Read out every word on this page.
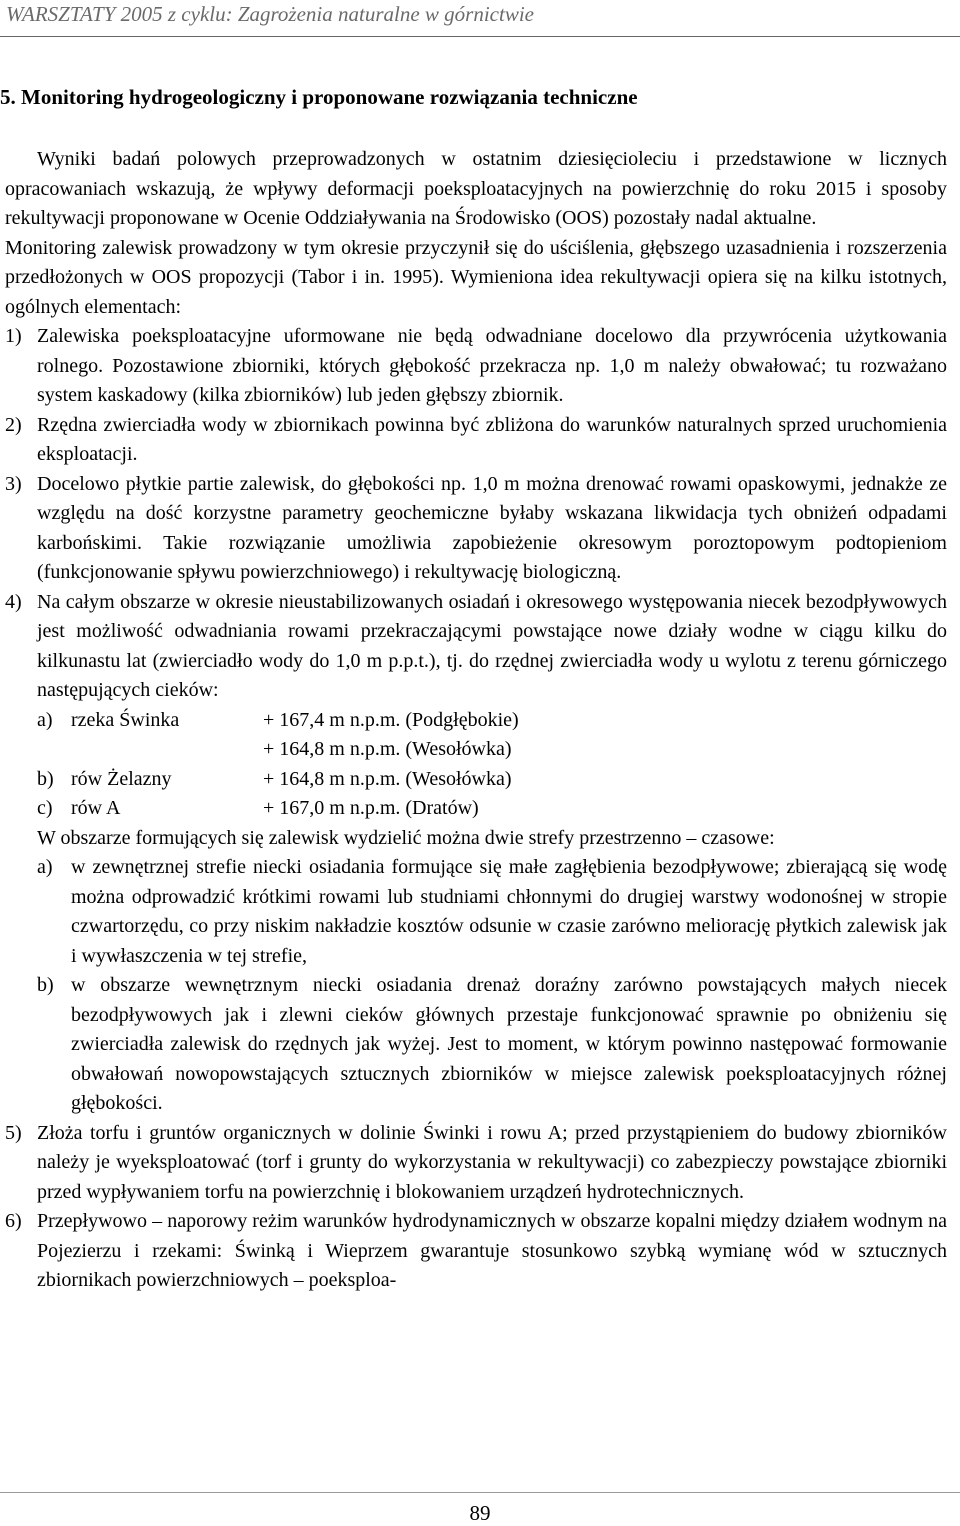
WARSZTATY 2005 z cyklu: Zagrożenia naturalne w górnictwie
5. Monitoring hydrogeologiczny i proponowane rozwiązania techniczne

Wyniki badań polowych przeprowadzonych w ostatnim dziesięcioleciu i przedstawione w licznych opracowaniach wskazują, że wpływy deformacji poeksploatacyjnych na powierzchnię do roku 2015 i sposoby rekultywacji proponowane w Ocenie Oddziaływania na Środowisko (OOS) pozostały nadal aktualne.

Monitoring zalewisk prowadzony w tym okresie przyczynił się do uściślenia, głębszego uzasadnienia i rozszerzenia przedłożonych w OOS propozycji (Tabor i in. 1995). Wymieniona idea rekultywacji opiera się na kilku istotnych, ogólnych elementach:

1) Zalewiska poeksploatacyjne uformowane nie będą odwadniane docelowo dla przywrócenia użytkowania rolnego. Pozostawione zbiorniki, których głębokość przekracza np. 1,0 m należy obwałować; tu rozważano system kaskadowy (kilka zbiorników) lub jeden głębszy zbiornik.
2) Rzędna zwierciadła wody w zbiornikach powinna być zbliżona do warunków naturalnych sprzed uruchomienia eksploatacji.
3) Docelowo płytkie partie zalewisk, do głębokości np. 1,0 m można drenować rowami opaskowymi, jednakże ze względu na dość korzystne parametry geochemiczne byłaby wskazana likwidacja tych obniżeń odpadami karbońskimi. Takie rozwiązanie umożliwia zapobieżenie okresowym poroztopowym podtopieniom (funkcjonowanie spływu powierzchniowego) i rekultywację biologiczną.
4) Na całym obszarze w okresie nieustabilizowanych osiadań i okresowego występowania niecek bezodpływowych jest możliwość odwadniania rowami przekraczającymi powstające nowe działy wodne w ciągu kilku do kilkunastu lat (zwierciadło wody do 1,0 m p.p.t.), tj. do rzędnej zwierciadła wody u wylotu z terenu górniczego następujących cieków:
a) rzeka Świnka	+ 167,4 m n.p.m. (Podgłębokie)
+ 164,8 m n.p.m. (Wesołówka)
b) rów Żelazny	+ 164,8 m n.p.m. (Wesołówka)
c) rów A	+ 167,0 m n.p.m. (Dratów)
W obszarze formujących się zalewisk wydzielić można dwie strefy przestrzenno – czasowe:
a) w zewnętrznej strefie niecki osiadania formujące się małe zagłębienia bezodpływowe; zbierającą się wodę można odprowadzić krótkimi rowami lub studniami chłonnymi do drugiej warstwy wodonośnej w stropie czwartorzędu, co przy niskim nakładzie kosztów odsunie w czasie zarówno meliorację płytkich zalewisk jak i wywłaszczenia w tej strefie,
b) w obszarze wewnętrznym niecki osiadania drenaż doraźny zarówno powstających małych niecek bezodpływowych jak i zlewni cieków głównych przestaje funkcjonować sprawnie po obniżeniu się zwierciadła zalewisk do rzędnych jak wyżej. Jest to moment, w którym powinno następować formowanie obwałowań nowopowstających sztucznych zbiorników w miejsce zalewisk poeksploatacyjnych różnej głębokości.
5) Złoża torfu i gruntów organicznych w dolinie Świnki i rowu A; przed przystąpieniem do budowy zbiorników należy je wyeksploatować (torf i grunty do wykorzystania w rekultywacji) co zabezpieczy powstające zbiorniki przed wypływaniem torfu na powierzchnię i blokowaniem urządzeń hydrotechnicznych.
6) Przepływowo – naporowy reżim warunków hydrodynamicznych w obszarze kopalni między działem wodnym na Pojezierzu i rzekami: Świnką i Wieprzem gwarantuje stosunkowo szybką wymianę wód w sztucznych zbiornikach powierzchniowych – poeksploa-
89
